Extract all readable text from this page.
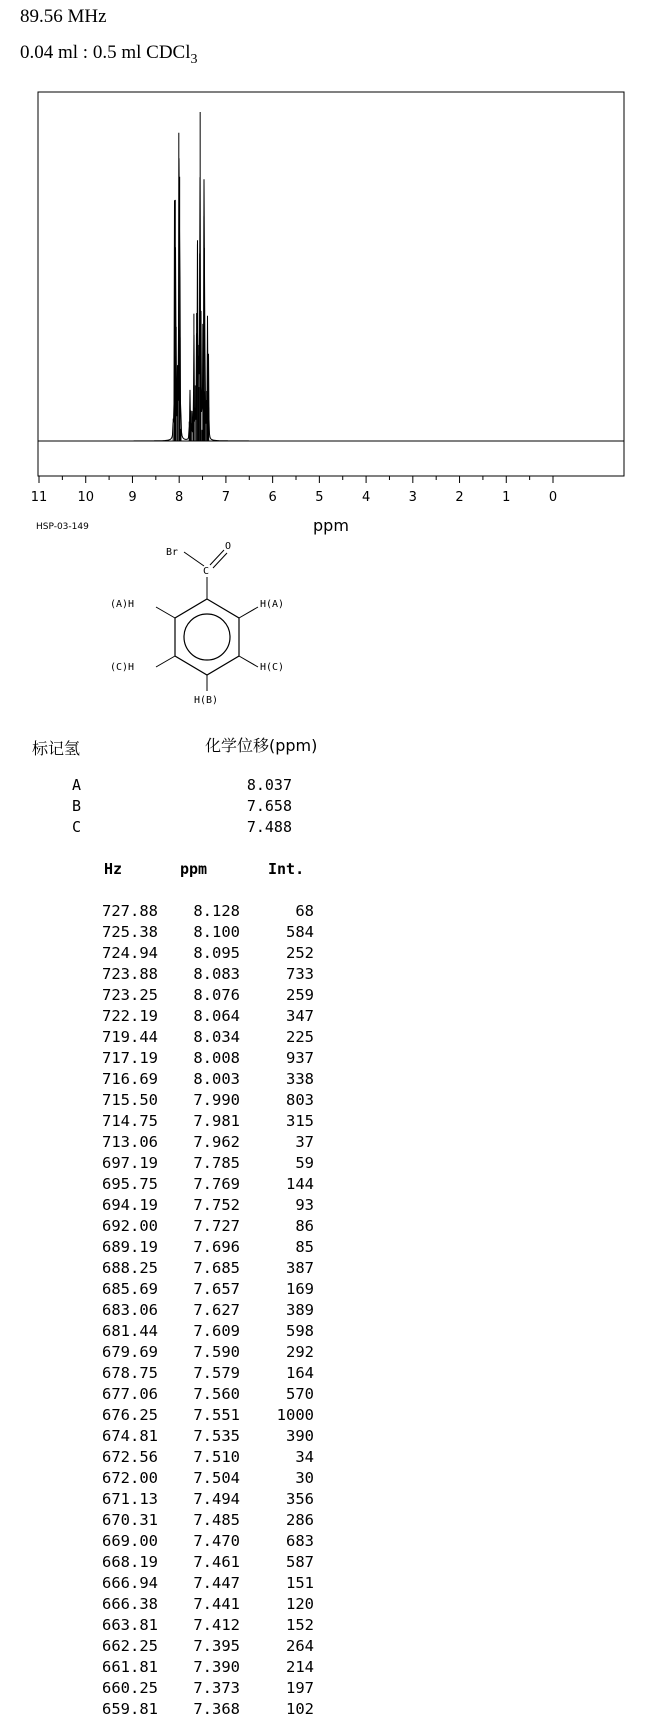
89.56 MHz
0.04 ml : 0.5 ml CDCl$_3$
11 10	9	8	7	6	5	4	3	2	1	0
ppm
HSP-03-149
Br
O
C
(A)H	H(A)
(C)H	H(C)
H(B)
标记氢	化学位移(ppm)
A	8.037
B	7.658
C	7.488
Hz	ppm	Int.
727.88	8.128	68
725.38	8.100	584
724.94	8.095	252
723.88	8.083	733
723.25	8.076	259
722.19	8.064	347
719.44	8.034	225
717.19	8.008	937
716.69	8.003	338
715.50	7.990	803
714.75	7.981	315
713.06	7.962	37
697.19	7.785	59
695.75	7.769	144
694.19	7.752	93
692.00	7.727	86
689.19	7.696	85
688.25	7.685	387
685.69	7.657	169
683.06	7.627	389
681.44	7.609	598
679.69	7.590	292
678.75	7.579	164
677.06	7.560	570
676.25	7.551	1000
674.81	7.535	390
672.56	7.510	34
672.00	7.504	30
671.13	7.494	356
670.31	7.485	286
669.00	7.470	683
668.19	7.461	587
666.94	7.447	151
666.38	7.441	120
663.81	7.412	152
662.25	7.395	264
661.81	7.390	214
660.25	7.373	197
659.81	7.368	102
